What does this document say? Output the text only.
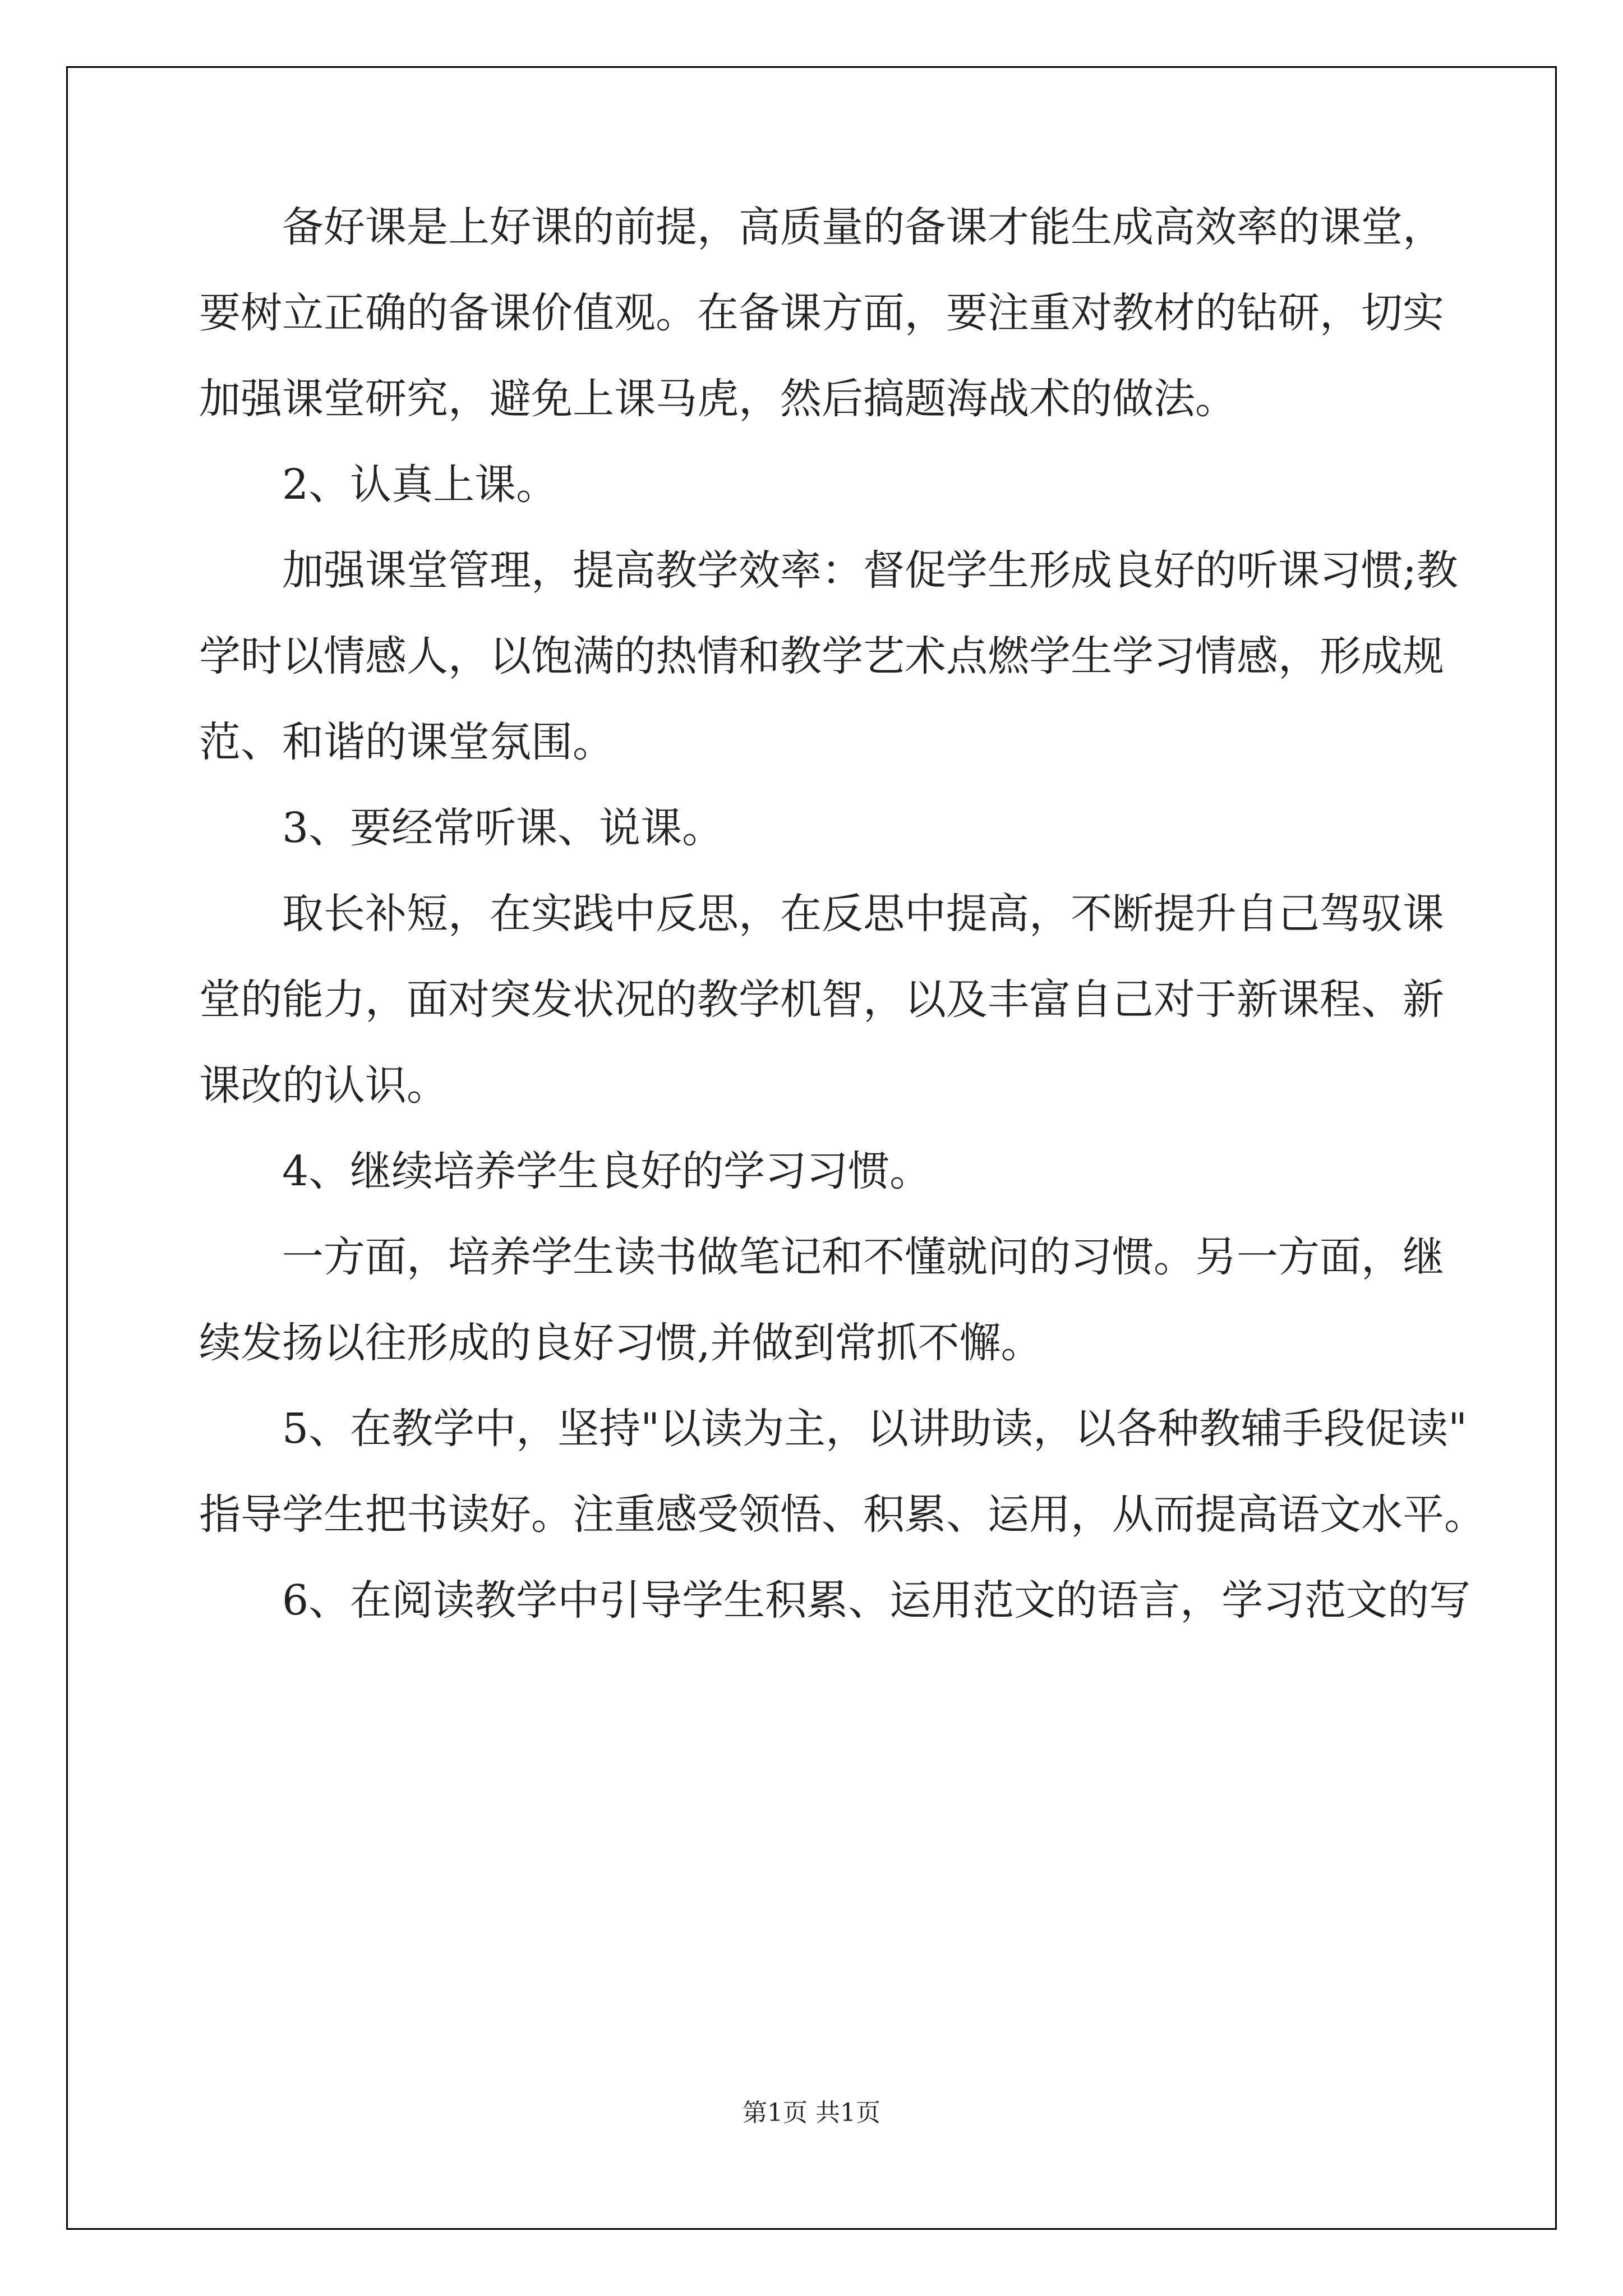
备好课是上好课的前提，高质量的备课才能生成高效率的课堂，
要树立正确的备课价值观。在备课方面，要注重对教材的钻研，切实
加强课堂研究，避免上课马虎，然后搞题海战术的做法。
2、认真上课。
加强课堂管理，提高教学效率：督促学生形成良好的听课习惯;教
学时以情感人，以饱满的热情和教学艺术点燃学生学习情感，形成规
范、和谐的课堂氛围。
3、要经常听课、说课。
取长补短，在实践中反思，在反思中提高，不断提升自己驾驭课
堂的能力，面对突发状况的教学机智，以及丰富自己对于新课程、新
课改的认识。
4、继续培养学生良好的学习习惯。
一方面，培养学生读书做笔记和不懂就问的习惯。另一方面，继
续发扬以往形成的良好习惯,并做到常抓不懈。
5、在教学中，坚持"以读为主，以讲助读，以各种教辅手段促读"
指导学生把书读好。注重感受领悟、积累、运用，从而提高语文水平。
6、在阅读教学中引导学生积累、运用范文的语言，学习范文的写
第1页 共1页
